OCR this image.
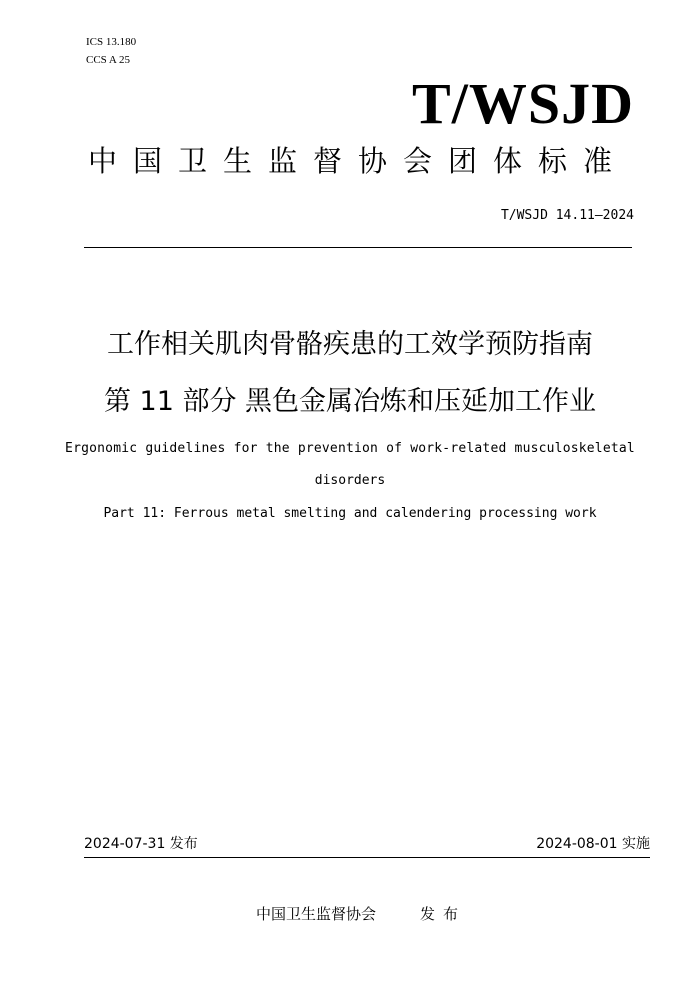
ICS 13.180
CCS A 25
T/WSJD
中国卫生监督协会团体标准
T/WSJD 14.11—2024
工作相关肌肉骨骼疾患的工效学预防指南
第 11 部分 黑色金属冶炼和压延加工作业
Ergonomic guidelines for the prevention of work-related musculoskeletal
disorders
Part 11: Ferrous metal smelting and calendering processing work
2024-07-31 发布	2024-08-01 实施
中国卫生监督协会	发布
